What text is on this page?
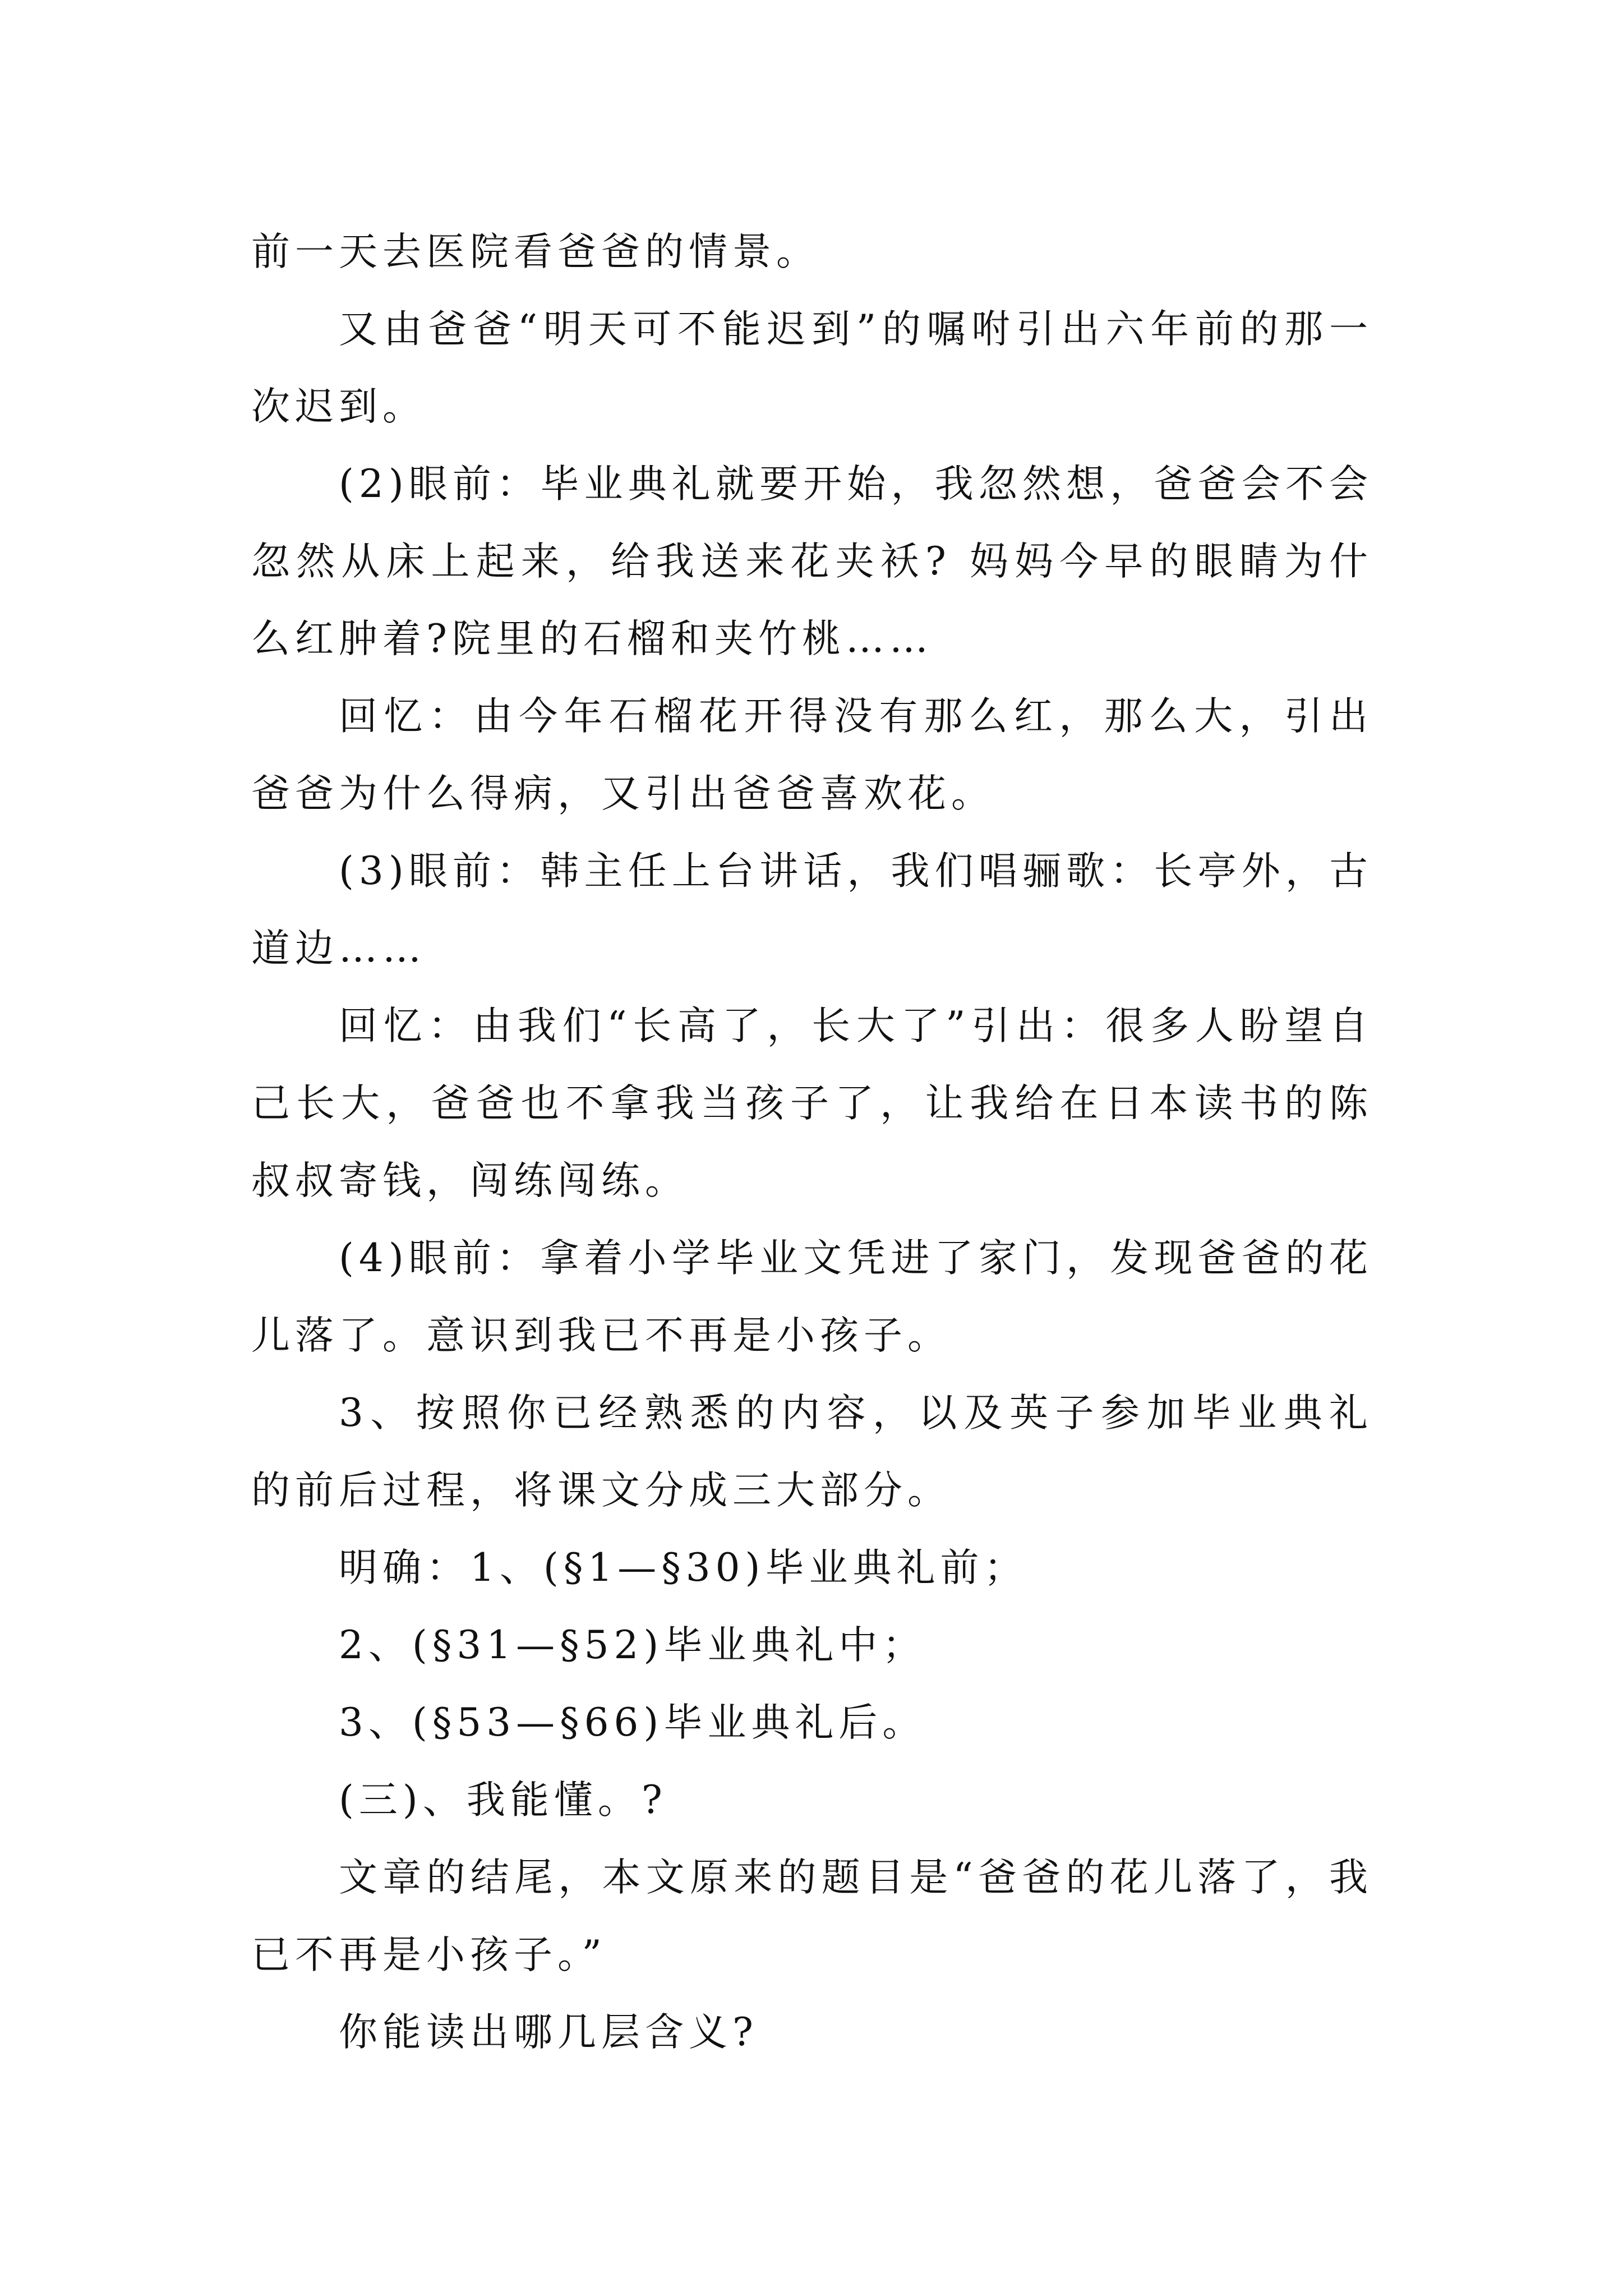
前一天去医院看爸爸的情景。

又由爸爸“明天可不能迟到”的嘱咐引出六年前的那一次迟到。

(2)眼前：毕业典礼就要开始，我忽然想，爸爸会不会忽然从床上起来，给我送来花夹袄? 妈妈今早的眼睛为什么红肿着?院里的石榴和夹竹桃……

回忆：由今年石榴花开得没有那么红，那么大，引出爸爸为什么得病，又引出爸爸喜欢花。

(3)眼前：韩主任上台讲话，我们唱骊歌：长亭外，古道边……

回忆：由我们“长高了，长大了”引出：很多人盼望自己长大，爸爸也不拿我当孩子了，让我给在日本读书的陈叔叔寄钱，闯练闯练。

(4)眼前：拿着小学毕业文凭进了家门，发现爸爸的花儿落了。意识到我已不再是小孩子。

3、按照你已经熟悉的内容，以及英子参加毕业典礼的前后过程，将课文分成三大部分。

明确：1、(§1—§30)毕业典礼前；

2、(§31—§52)毕业典礼中；

3、(§53—§66)毕业典礼后。

(三)、我能懂。?

文章的结尾，本文原来的题目是“爸爸的花儿落了，我已不再是小孩子。”

你能读出哪几层含义?
